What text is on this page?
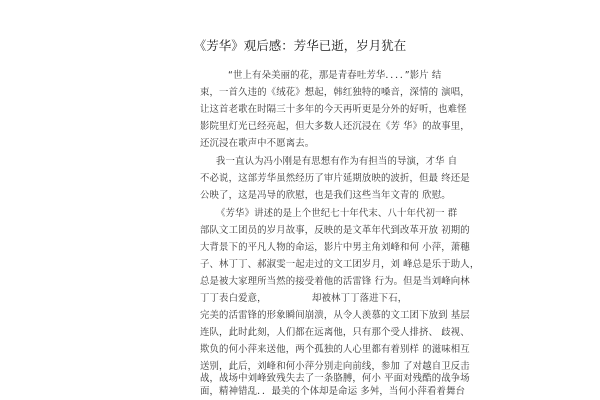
《芳华》观后感：芳华已逝，岁月犹在
“世上有朵美丽的花，那是青春吐芳华．．．．”影片 结
束，一首久违的《绒花》想起，韩红独特的嗓音，深情的 演唱，
让这首老歌在时隔三十多年的今天再听更是分外的好听，也难怪
影院里灯光已经亮起，但大多数人还沉浸在《芳 华》的故事里，
还沉浸在歌声中不愿离去。
我一直认为冯小刚是有思想有作为有担当的导演，才华 自
不必说，这部芳华虽然经历了审片延期放映的波折，但最 终还是
公映了，这是冯导的欣慰，也是我们这些当年文青的 欣慰。
《芳华》讲述的是上个世纪七十年代末、八十年代初一 群
部队文工团员的岁月故事，反映的是文革年代到改革开放 初期的
大背景下的平凡人物的命运，影片中男主角刘峰和何 小萍，萧穗
子、林丁丁、郝淑雯一起走过的文工团岁月，刘 峰总是乐于助人，
总是被大家理所当然的接受着他的活雷锋 行为。但是当刘峰向林
丁丁表白爱意，	却被林丁丁落进下石，
完美的活雷锋的形象瞬间崩溃，从令人羡慕的文工团下放到 基层
连队，此时此刻，人们都在远离他，只有那个受人排挤、 歧视、
欺负的何小萍来送他，两个孤独的人心里都有着别样 的滋味相互
送别，此后，刘峰和何小萍分别走向前线，参加 了对越自卫反击
战，战场中刘峰致残失去了一条胳膊，何小 平面对残酷的战争场
面，精神错乱．．最美的个体却是命运 多舛，当何小萍看着舞台
